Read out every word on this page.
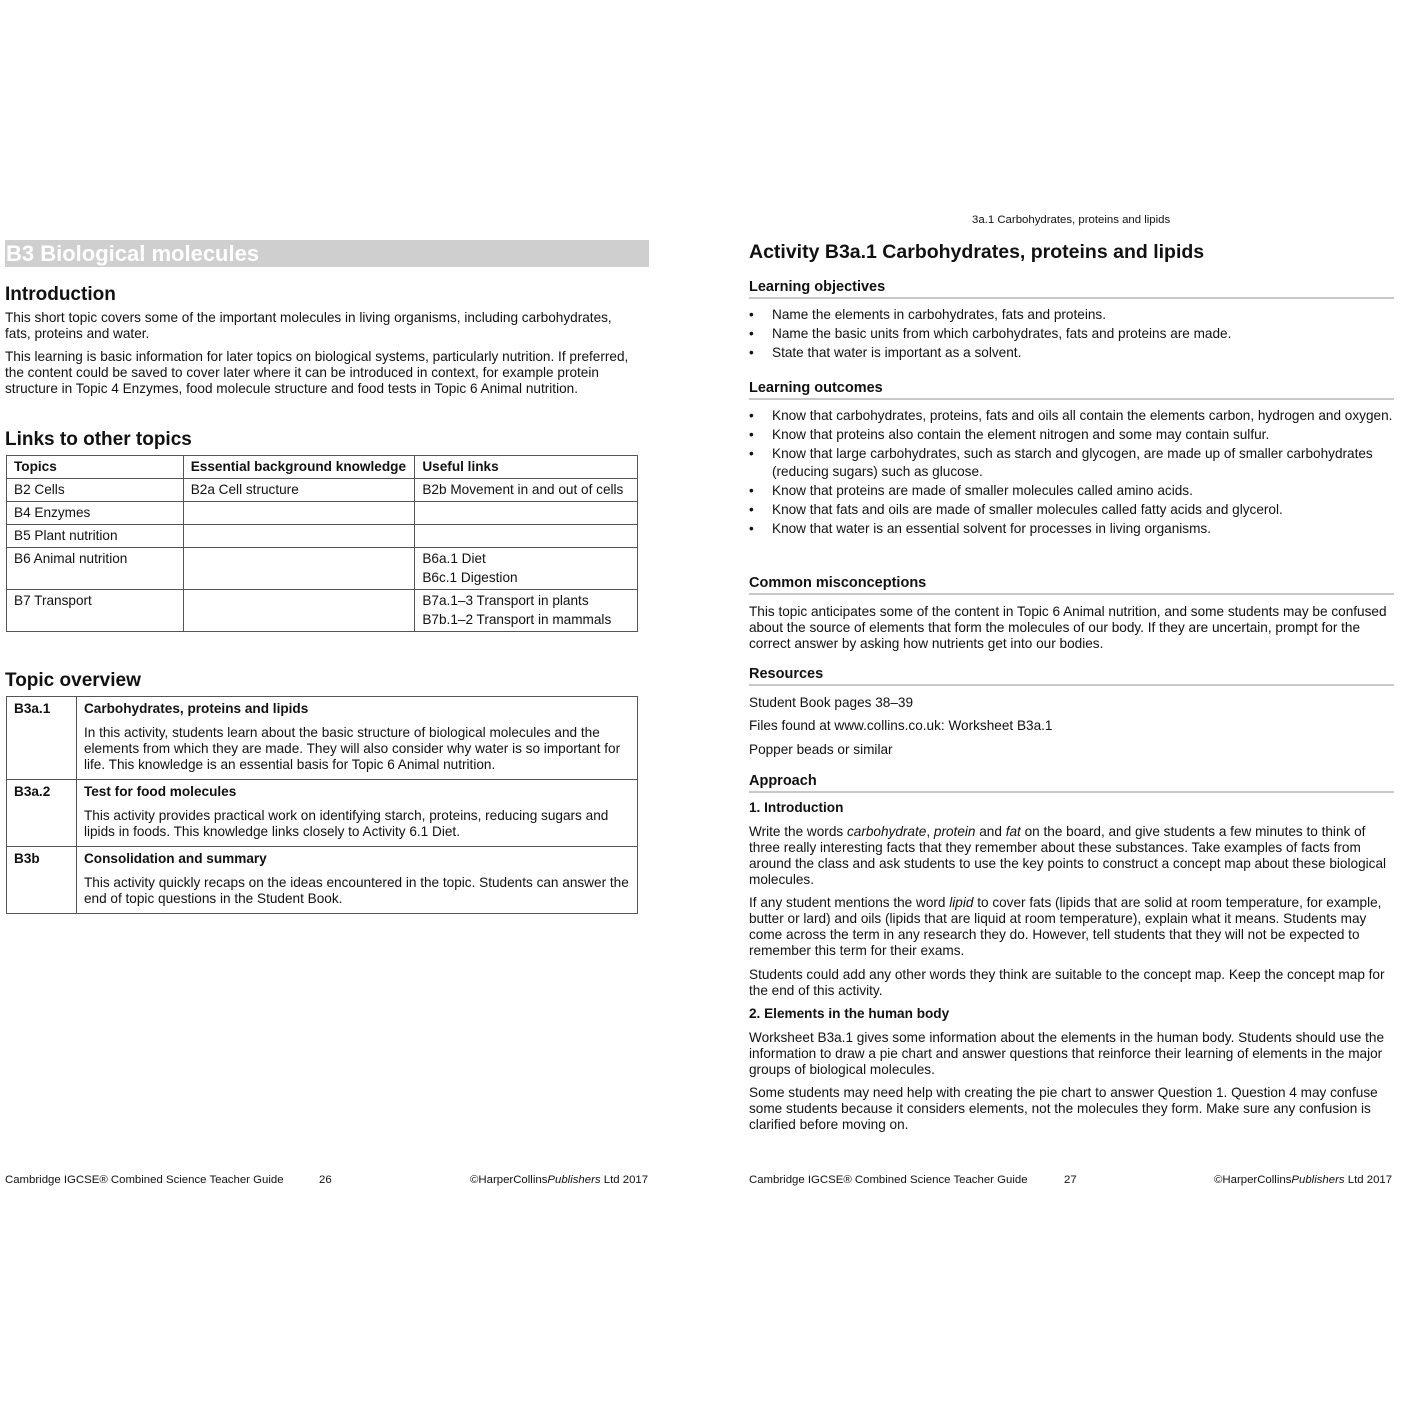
B3 Biological molecules
Introduction

This short topic covers some of the important molecules in living organisms, including carbohydrates, fats, proteins and water.

This learning is basic information for later topics on biological systems, particularly nutrition. If preferred, the content could be saved to cover later where it can be introduced in context, for example protein structure in Topic 4 Enzymes, food molecule structure and food tests in Topic 6 Animal nutrition.

Links to other topics
Topics	Essential background knowledge	Useful links
B2 Cells	B2a Cell structure	B2b Movement in and out of cells

B4 Enzymes		
B5 Plant nutrition		
B6 Animal nutrition		B6a.1 Diet
B6c.1 Digestion

B7 Transport		B7a.1–3 Transport in plants
B7b.1–2 Transport in mammals
Topic overview
B3a.1	Carbohydrates, proteins and lipids
In this activity, students learn about the basic structure of biological molecules and the elements from which they are made. They will also consider why water is so important for life. This knowledge is an essential basis for Topic 6 Animal nutrition.
B3a.2	Test for food molecules
This activity provides practical work on identifying starch, proteins, reducing sugars and lipids in foods. This knowledge links closely to Activity 6.1 Diet.
B3b	Consolidation and summary
This activity quickly recaps on the ideas encountered in the topic. Students can answer the end of topic questions in the Student Book.
Cambridge IGCSE® Combined Science Teacher Guide	26	©HarperCollinsPublishers Ltd 2017
3a.1 Carbohydrates, proteins and lipids
Activity B3a.1 Carbohydrates, proteins and lipids
Learning objectives
• Name the elements in carbohydrates, fats and proteins.
• Name the basic units from which carbohydrates, fats and proteins are made.
• State that water is important as a solvent.
Learning outcomes
• Know that carbohydrates, proteins, fats and oils all contain the elements carbon, hydrogen and oxygen.
• Know that proteins also contain the element nitrogen and some may contain sulfur.
• Know that large carbohydrates, such as starch and glycogen, are made up of smaller carbohydrates (reducing sugars) such as glucose.
• Know that proteins are made of smaller molecules called amino acids.
• Know that fats and oils are made of smaller molecules called fatty acids and glycerol.
• Know that water is an essential solvent for processes in living organisms.
Common misconceptions

This topic anticipates some of the content in Topic 6 Animal nutrition, and some students may be confused about the source of elements that form the molecules of our body. If they are uncertain, prompt for the correct answer by asking how nutrients get into our bodies.

Resources

Student Book pages 38–39

Files found at www.collins.co.uk: Worksheet B3a.1

Popper beads or similar

Approach
1. Introduction

Write the words carbohydrate, protein and fat on the board, and give students a few minutes to think of three really interesting facts that they remember about these substances. Take examples of facts from around the class and ask students to use the key points to construct a concept map about these biological molecules.

If any student mentions the word lipid to cover fats (lipids that are solid at room temperature, for example, butter or lard) and oils (lipids that are liquid at room temperature), explain what it means. Students may come across the term in any research they do. However, tell students that they will not be expected to remember this term for their exams.

Students could add any other words they think are suitable to the concept map. Keep the concept map for the end of this activity.

2. Elements in the human body

Worksheet B3a.1 gives some information about the elements in the human body. Students should use the information to draw a pie chart and answer questions that reinforce their learning of elements in the major groups of biological molecules.

Some students may need help with creating the pie chart to answer Question 1. Question 4 may confuse some students because it considers elements, not the molecules they form. Make sure any confusion is clarified before moving on.

Cambridge IGCSE® Combined Science Teacher Guide	27	©HarperCollinsPublishers Ltd 2017
